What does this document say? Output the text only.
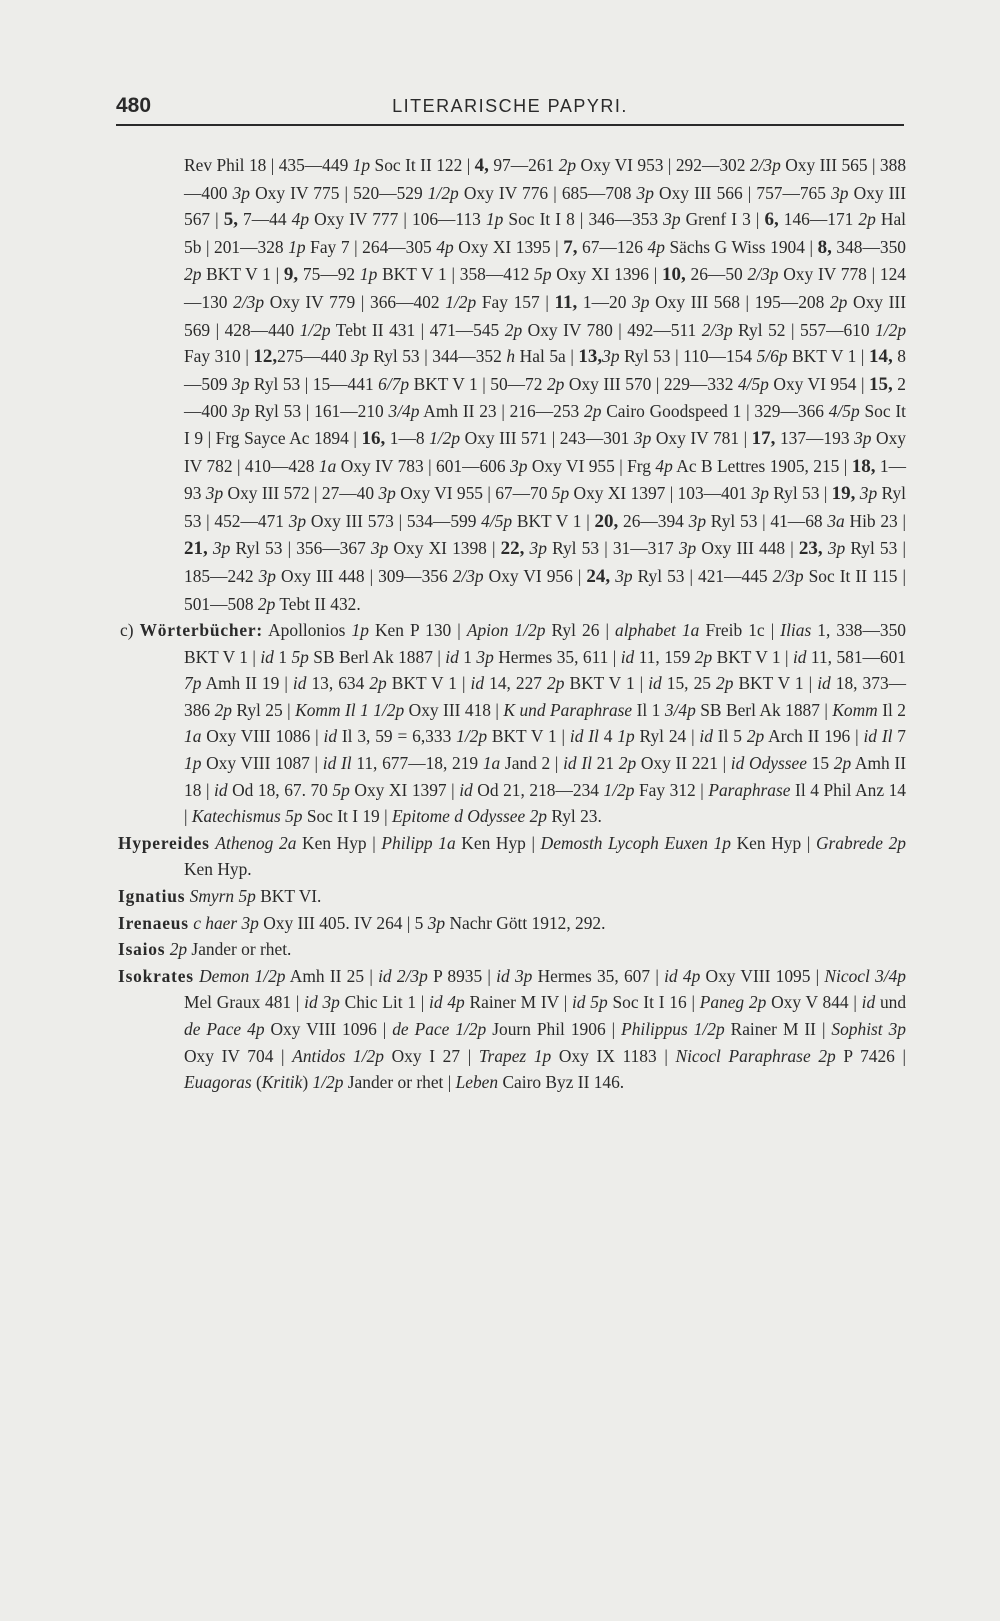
480	LITERARISCHE PAPYRI.

Rev Phil 18 | 435—449 1p Soc It II 122 | 4, 97—261 2p Oxy VI 953 | 292—302 2/3p Oxy III 565 | 388—400 3p Oxy IV 775 | 520—529 1/2p Oxy IV 776 | 685—708 3p Oxy III 566 | 757—765 3p Oxy III 567 | 5, 7—44 4p Oxy IV 777 | 106—113 1p Soc It I 8 | 346—353 3p Grenf I 3 | 6, 146—171 2p Hal 5b | 201—328 1p Fay 7 | 264—305 4p Oxy XI 1395 | 7, 67—126 4p Sächs G Wiss 1904 | 8, 348—350 2p BKT V 1 | 9, 75—92 1p BKT V 1 | 358—412 5p Oxy XI 1396 | 10, 26—50 2/3p Oxy IV 778 | 124—130 2/3p Oxy IV 779 | 366—402 1/2p Fay 157 | 11, 1—20 3p Oxy III 568 | 195—208 2p Oxy III 569 | 428—440 1/2p Tebt II 431 | 471—545 2p Oxy IV 780 | 492—511 2/3p Ryl 52 | 557—610 1/2p Fay 310 | 12,275—440 3p Ryl 53 | 344—352 h Hal 5a | 13,3p Ryl 53 | 110—154 5/6p BKT V 1 | 14, 8—509 3p Ryl 53 | 15—441 6/7p BKT V 1 | 50—72 2p Oxy III 570 | 229—332 4/5p Oxy VI 954 | 15, 2—400 3p Ryl 53 | 161—210 3/4p Amh II 23 | 216—253 2p Cairo Goodspeed 1 | 329—366 4/5p Soc It I 9 | Frg Sayce Ac 1894 | 16, 1—8 1/2p Oxy III 571 | 243—301 3p Oxy IV 781 | 17, 137—193 3p Oxy IV 782 | 410—428 1a Oxy IV 783 | 601—606 3p Oxy VI 955 | Frg 4p Ac B Lettres 1905, 215 | 18, 1—93 3p Oxy III 572 | 27—40 3p Oxy VI 955 | 67—70 5p Oxy XI 1397 | 103—401 3p Ryl 53 | 19, 3p Ryl 53 | 452—471 3p Oxy III 573 | 534—599 4/5p BKT V 1 | 20, 26—394 3p Ryl 53 | 41—68 3a Hib 23 | 21, 3p Ryl 53 | 356—367 3p Oxy XI 1398 | 22, 3p Ryl 53 | 31—317 3p Oxy III 448 | 23, 3p Ryl 53 | 185—242 3p Oxy III 448 | 309—356 2/3p Oxy VI 956 | 24, 3p Ryl 53 | 421—445 2/3p Soc It II 115 | 501—508 2p Tebt II 432.

c) Wörterbücher: Apollonios 1p Ken P 130 | Apion 1/2p Ryl 26 | alphabet 1a Freib 1c | Ilias 1, 338—350 BKT V 1 | id 1 5p SB Berl Ak 1887 | id 1 3p Hermes 35, 611 | id 11, 159 2p BKT V 1 | id 11, 581—601 7p Amh II 19 | id 13, 634 2p BKT V 1 | id 14, 227 2p BKT V 1 | id 15, 25 2p BKT V 1 | id 18, 373—386 2p Ryl 25 | Komm Il 1 1/2p Oxy III 418 | K und Paraphrase Il 1 3/4p SB Berl Ak 1887 | Komm Il 2 1a Oxy VIII 1086 | id Il 3, 59 = 6,333 1/2p BKT V 1 | id Il 4 1p Ryl 24 | id Il 5 2p Arch II 196 | id Il 7 1p Oxy VIII 1087 | id Il 11, 677—18, 219 1a Jand 2 | id Il 21 2p Oxy II 221 | id Odyssee 15 2p Amh II 18 | id Od 18, 67. 70 5p Oxy XI 1397 | id Od 21, 218—234 1/2p Fay 312 | Paraphrase Il 4 Phil Anz 14 | Katechismus 5p Soc It I 19 | Epitome d Odyssee 2p Ryl 23.

Hypereides Athenog 2a Ken Hyp | Philipp 1a Ken Hyp | Demosth Lycoph Euxen 1p Ken Hyp | Grabrede 2p Ken Hyp.

Ignatius Smyrn 5p BKT VI.

Irenaeus c haer 3p Oxy III 405. IV 264 | 5 3p Nachr Gött 1912, 292.

Isaios 2p Jander or rhet.

Isokrates Demon 1/2p Amh II 25 | id 2/3p P 8935 | id 3p Hermes 35, 607 | id 4p Oxy VIII 1095 | Nicocl 3/4p Mel Graux 481 | id 3p Chic Lit 1 | id 4p Rainer M IV | id 5p Soc It I 16 | Paneg 2p Oxy V 844 | id und de Pace 4p Oxy VIII 1096 | de Pace 1/2p Journ Phil 1906 | Philippus 1/2p Rainer M II | Sophist 3p Oxy IV 704 | Antidos 1/2p Oxy I 27 | Trapez 1p Oxy IX 1183 | Nicocl Paraphrase 2p P 7426 | Euagoras (Kritik) 1/2p Jander or rhet | Leben Cairo Byz II 146.
